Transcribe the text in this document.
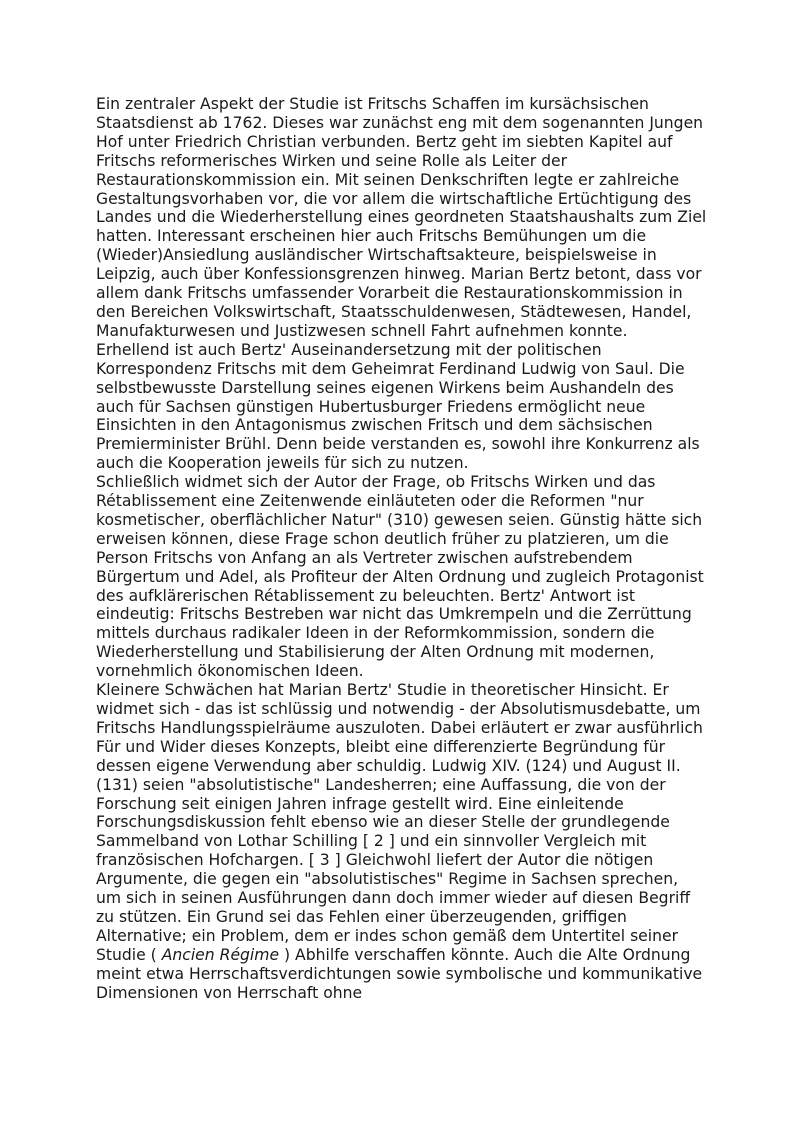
Ein zentraler Aspekt der Studie ist Fritschs Schaffen im kursächsischen Staatsdienst ab 1762. Dieses war zunächst eng mit dem sogenannten Jungen Hof unter Friedrich Christian verbunden. Bertz geht im siebten Kapitel auf Fritschs reformerisches Wirken und seine Rolle als Leiter der Restaurationskommission ein. Mit seinen Denkschriften legte er zahlreiche Gestaltungsvorhaben vor, die vor allem die wirtschaftliche Ertüchtigung des Landes und die Wiederherstellung eines geordneten Staatshaushalts zum Ziel hatten. Interessant erscheinen hier auch Fritschs Bemühungen um die (Wieder)Ansiedlung ausländischer Wirtschaftsakteure, beispielsweise in Leipzig, auch über Konfessionsgrenzen hinweg. Marian Bertz betont, dass vor allem dank Fritschs umfassender Vorarbeit die Restaurationskommission in den Bereichen Volkswirtschaft, Staatsschuldenwesen, Städtewesen, Handel, Manufakturwesen und Justizwesen schnell Fahrt aufnehmen konnte.

Erhellend ist auch Bertz' Auseinandersetzung mit der politischen Korrespondenz Fritschs mit dem Geheimrat Ferdinand Ludwig von Saul. Die selbstbewusste Darstellung seines eigenen Wirkens beim Aushandeln des auch für Sachsen günstigen Hubertusburger Friedens ermöglicht neue Einsichten in den Antagonismus zwischen Fritsch und dem sächsischen Premierminister Brühl. Denn beide verstanden es, sowohl ihre Konkurrenz als auch die Kooperation jeweils für sich zu nutzen.

Schließlich widmet sich der Autor der Frage, ob Fritschs Wirken und das Rétablissement eine Zeitenwende einläuteten oder die Reformen "nur kosmetischer, oberflächlicher Natur" (310) gewesen seien. Günstig hätte sich erweisen können, diese Frage schon deutlich früher zu platzieren, um die Person Fritschs von Anfang an als Vertreter zwischen aufstrebendem Bürgertum und Adel, als Profiteur der Alten Ordnung und zugleich Protagonist des aufklärerischen Rétablissement zu beleuchten. Bertz' Antwort ist eindeutig: Fritschs Bestreben war nicht das Umkrempeln und die Zerrüttung mittels durchaus radikaler Ideen in der Reformkommission, sondern die Wiederherstellung und Stabilisierung der Alten Ordnung mit modernen, vornehmlich ökonomischen Ideen.

Kleinere Schwächen hat Marian Bertz' Studie in theoretischer Hinsicht. Er widmet sich - das ist schlüssig und notwendig - der Absolutismusdebatte, um Fritschs Handlungsspielräume auszuloten. Dabei erläutert er zwar ausführlich Für und Wider dieses Konzepts, bleibt eine differenzierte Begründung für dessen eigene Verwendung aber schuldig. Ludwig XIV. (124) und August II. (131) seien "absolutistische" Landesherren; eine Auffassung, die von der Forschung seit einigen Jahren infrage gestellt wird. Eine einleitende Forschungsdiskussion fehlt ebenso wie an dieser Stelle der grundlegende Sammelband von Lothar Schilling [ 2 ] und ein sinnvoller Vergleich mit französischen Hofchargen. [ 3 ] Gleichwohl liefert der Autor die nötigen Argumente, die gegen ein "absolutistisches" Regime in Sachsen sprechen, um sich in seinen Ausführungen dann doch immer wieder auf diesen Begriff zu stützen. Ein Grund sei das Fehlen einer überzeugenden, griffigen Alternative; ein Problem, dem er indes schon gemäß dem Untertitel seiner Studie ( Ancien Régime ) Abhilfe verschaffen könnte. Auch die Alte Ordnung meint etwa Herrschaftsverdichtungen sowie symbolische und kommunikative Dimensionen von Herrschaft ohne
